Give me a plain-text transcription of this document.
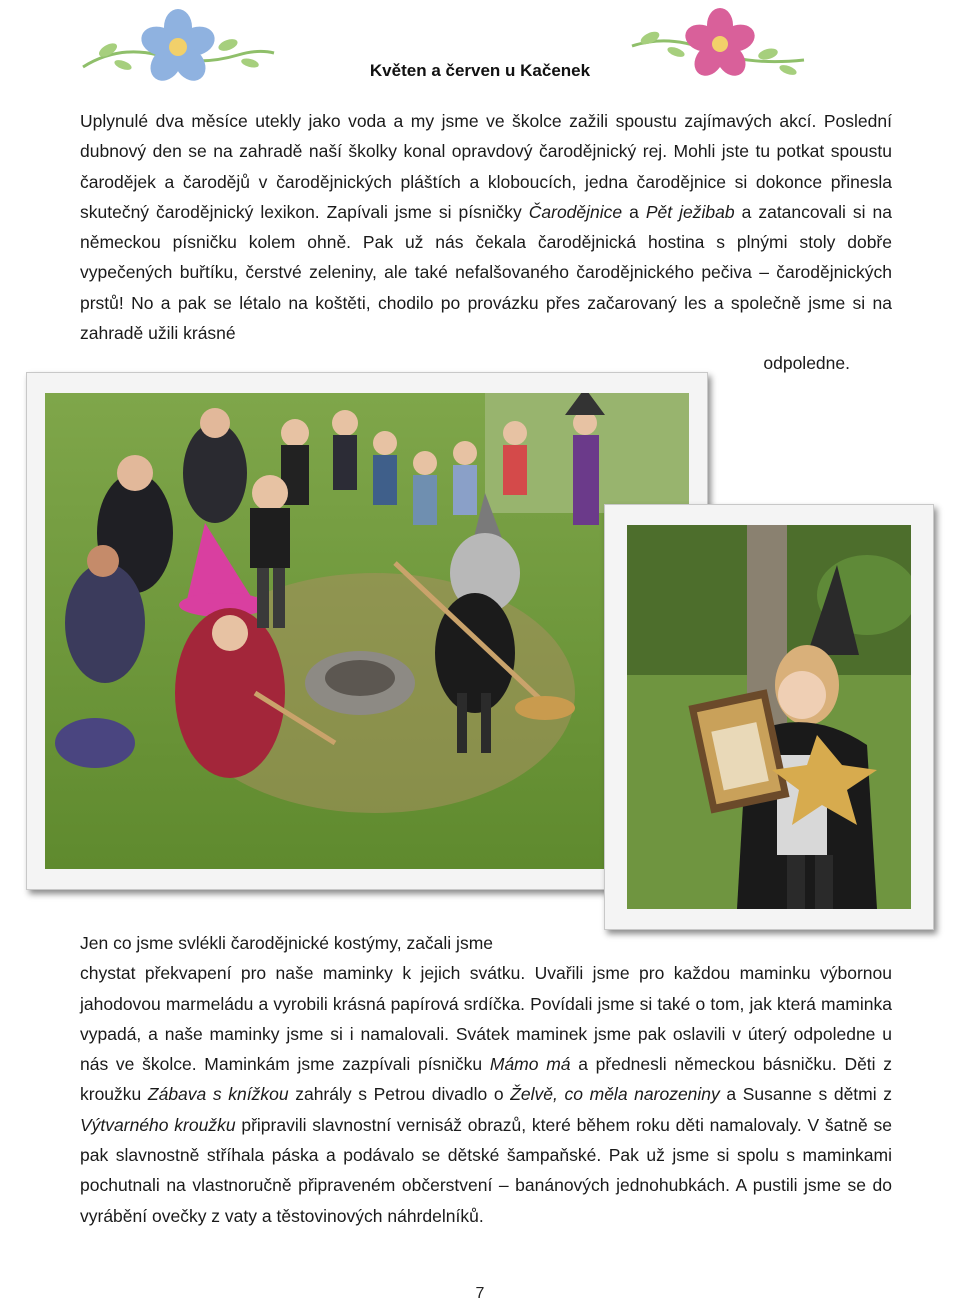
Květen a červen u Kačenek

Uplynulé dva měsíce utekly jako voda a my jsme ve školce zažili spoustu zajímavých akcí. Poslední dubnový den se na zahradě naší školky konal opravdový čarodějnický rej. Mohli jste tu potkat spoustu čarodějek a čarodějů v čarodějnických pláštích a kloboucích, jedna čarodějnice si dokonce přinesla skutečný čarodějnický lexikon. Zapívali jsme si písničky Čarodějnice a Pět ježibab a zatancovali si na německou písničku kolem ohně. Pak už nás čekala čarodějnická hostina s plnými stoly dobře vypečených buřtíku, čerstvé zeleniny, ale také nefalšovaného čarodějnického pečiva – čarodějnických prstů! No a pak se létalo na koštěti, chodilo po provázku přes začarovaný les a společně jsme si na zahradě užili krásné

odpoledne.

Jen co jsme svlékli čarodějnické kostýmy, začali jsme

chystat překvapení pro naše maminky k jejich svátku. Uvařili jsme pro každou maminku výbornou jahodovou marmeládu a vyrobili krásná papírová srdíčka. Povídali jsme si také o tom, jak která maminka vypadá, a naše maminky jsme si i namalovali. Svátek maminek jsme pak oslavili v úterý odpoledne u nás ve školce. Maminkám jsme zazpívali písničku Mámo má a přednesli německou básničku. Děti z kroužku Zábava s knížkou zahrály s Petrou divadlo o Želvě, co měla narozeniny a Susanne s dětmi z Výtvarného kroužku připravili slavnostní vernisáž obrazů, které během roku děti namalovaly. V šatně se pak slavnostně stříhala páska a podávalo se dětské šampaňské. Pak už jsme si spolu s maminkami pochutnali na vlastnoručně připraveném občerstvení – banánových jednohubkách. A pustili jsme se do vyrábění ovečky z vaty a těstovinových náhrdelníků.

7
